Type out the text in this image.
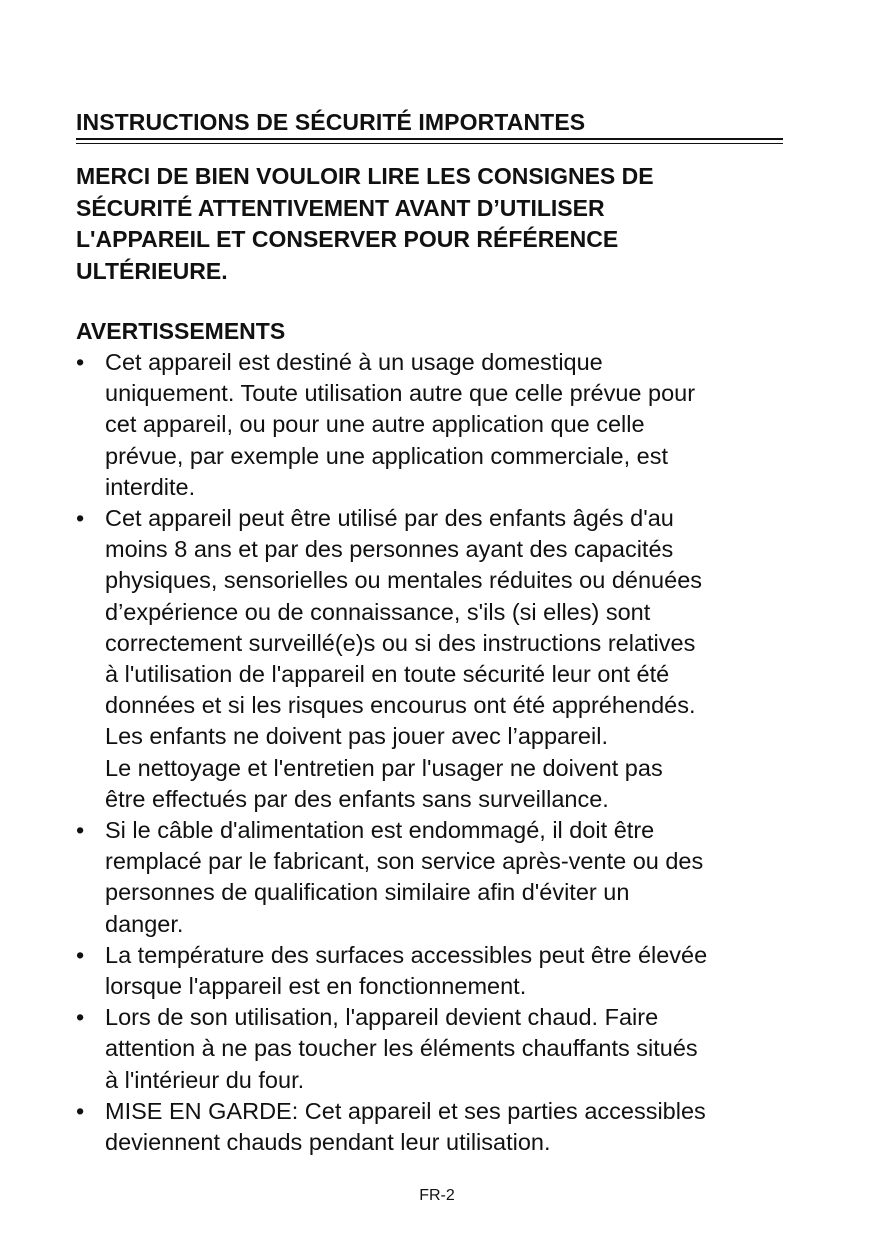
INSTRUCTIONS DE SÉCURITÉ IMPORTANTES
MERCI DE BIEN VOULOIR LIRE LES CONSIGNES DE
SÉCURITÉ ATTENTIVEMENT AVANT D’UTILISER
L'APPAREIL ET CONSERVER POUR RÉFÉRENCE
ULTÉRIEURE.
AVERTISSEMENTS
• Cet appareil est destiné à un usage domestique
uniquement. Toute utilisation autre que celle prévue pour
cet appareil, ou pour une autre application que celle
prévue, par exemple une application commerciale, est
interdite.
• Cet appareil peut être utilisé par des enfants âgés d'au
moins 8 ans et par des personnes ayant des capacités
physiques, sensorielles ou mentales réduites ou dénuées
d’expérience ou de connaissance, s'ils (si elles) sont
correctement surveillé(e)s ou si des instructions relatives
à l'utilisation de l'appareil en toute sécurité leur ont été
données et si les risques encourus ont été appréhendés.
Les enfants ne doivent pas jouer avec l’appareil.
Le nettoyage et l'entretien par l'usager ne doivent pas
être effectués par des enfants sans surveillance.
• Si le câble d'alimentation est endommagé, il doit être
remplacé par le fabricant, son service après-vente ou des
personnes de qualification similaire afin d'éviter un
danger.
• La température des surfaces accessibles peut être élevée
lorsque l'appareil est en fonctionnement.
• Lors de son utilisation, l'appareil devient chaud. Faire
attention à ne pas toucher les éléments chauffants situés
à l'intérieur du four.
• MISE EN GARDE: Cet appareil et ses parties accessibles
deviennent chauds pendant leur utilisation.
FR-2
